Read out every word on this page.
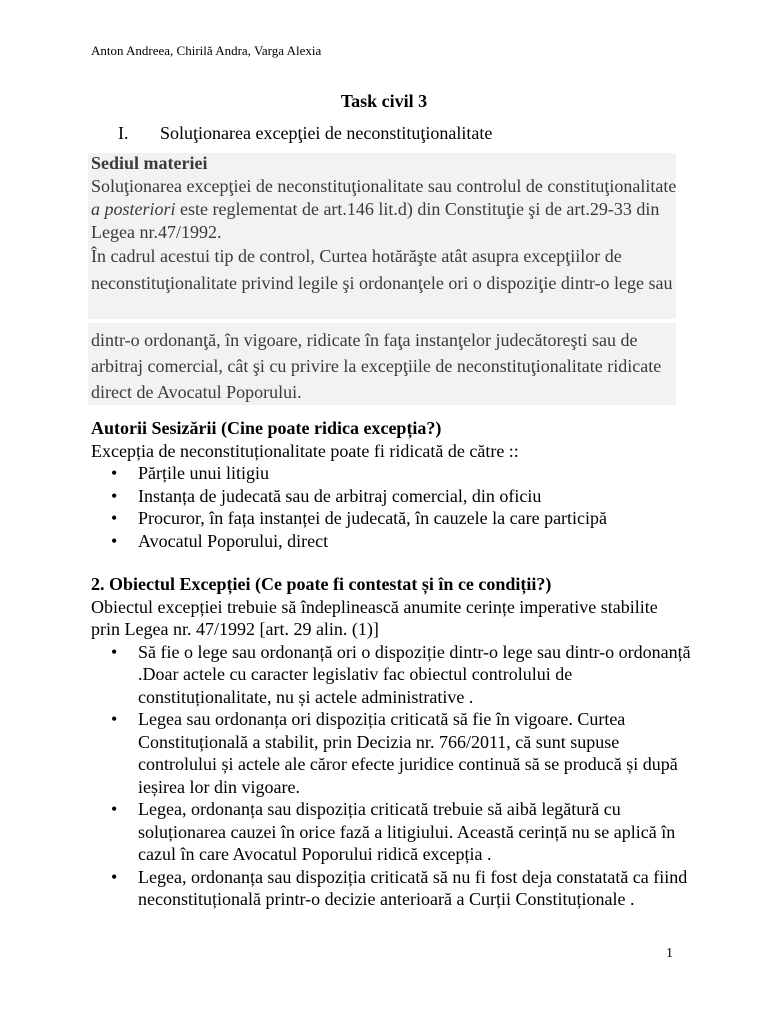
Anton Andreea, Chirilă Andra, Varga Alexia
Task civil 3
I. Soluţionarea excepţiei de neconstituţionalitate
Sediul materiei
Soluţionarea excepţiei de neconstituţionalitate sau controlul de constituţionalitate a posteriori este reglementat de art.146 lit.d) din Constituţie şi de art.29-33 din Legea nr.47/1992.
În cadrul acestui tip de control, Curtea hotărăşte atât asupra excepţiilor de neconstituţionalitate privind legile şi ordonanţele ori o dispoziţie dintr-o lege sau
dintr-o ordonanţă, în vigoare, ridicate în faţa instanţelor judecătoreşti sau de arbitraj comercial, cât şi cu privire la excepţiile de neconstituţionalitate ridicate direct de Avocatul Poporului.
Autorii Sesizării (Cine poate ridica excepția?)
Excepția de neconstituționalitate poate fi ridicată de către ::
• Părțile unui litigiu
• Instanța de judecată sau de arbitraj comercial, din oficiu
• Procuror, în fața instanței de judecată, în cauzele la care participă
• Avocatul Poporului, direct
2. Obiectul Excepției (Ce poate fi contestat și în ce condiții?)
Obiectul excepției trebuie să îndeplinească anumite cerințe imperative stabilite prin Legea nr. 47/1992 [art. 29 alin. (1)]
• Să fie o lege sau ordonanță ori o dispoziție dintr-o lege sau dintr-o ordonanță .Doar actele cu caracter legislativ fac obiectul controlului de constituționalitate, nu și actele administrative .
• Legea sau ordonanța ori dispoziția criticată să fie în vigoare. Curtea Constituțională a stabilit, prin Decizia nr. 766/2011, că sunt supuse controlului și actele ale căror efecte juridice continuă să se producă și după ieșirea lor din vigoare.
• Legea, ordonanța sau dispoziția criticată trebuie să aibă legătură cu soluționarea cauzei în orice fază a litigiului. Această cerință nu se aplică în cazul în care Avocatul Poporului ridică excepția .
• Legea, ordonanța sau dispoziția criticată să nu fi fost deja constatată ca fiind neconstituțională printr-o decizie anterioară a Curții Constituționale .
1
